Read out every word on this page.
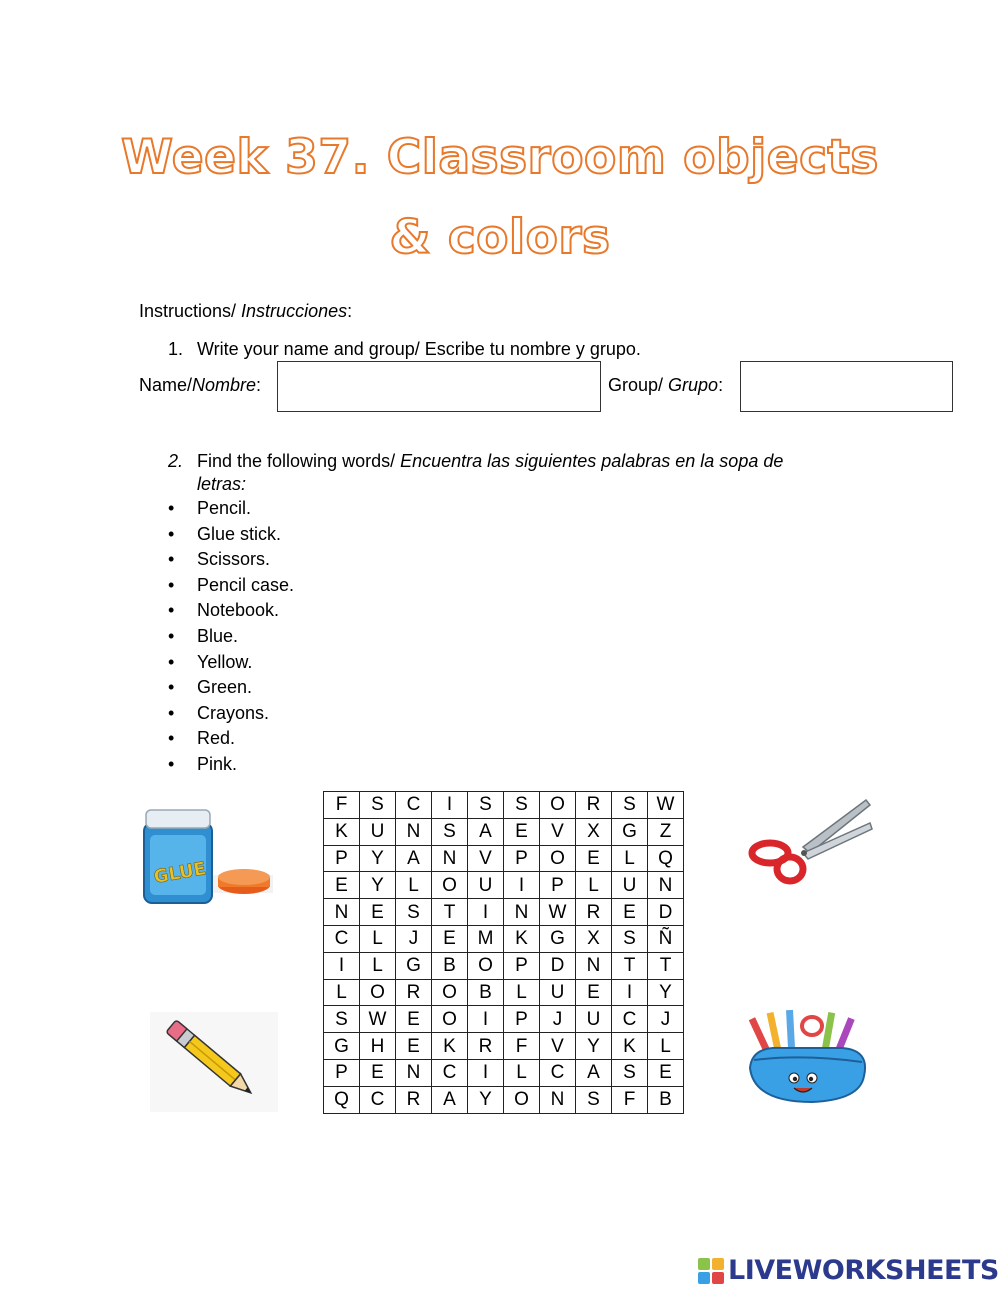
Week 37. Classroom objects
& colors
Instructions/ Instrucciones:
1. Write your name and group/ Escribe tu nombre y grupo.
Name/Nombre:	Group/ Grupo:
2. Find the following words/ Encuentra las siguientes palabras en la sopa de
letras:
• Pencil.
• Glue stick.
• Scissors.
• Pencil case.
• Notebook.
• Blue.
• Yellow.
• Green.
• Crayons.
• Red.
• Pink.
F	S	C	I	S	S	O	R	S	W
K	U	N	S	A	E	V	X	G	Z
P	Y	A	N	V	P	O	E	L	Q
E	Y	L	O	U	I	P	L	U	N
N	E	S	T	I	N	W	R	E	D
C	L	J	E	M	K	G	X	S	Ñ
I	L	G	B	O	P	D	N	T	T
L	O	R	O	B	L	U	E	I	Y
S	W	E	O	I	P	J	U	C	J
G	H	E	K	R	F	V	Y	K	L
P	E	N	C	I	L	C	A	S	E
Q	C	R	A	Y	O	N	S	F	B
GLUE
LIVEWORKSHEETS
